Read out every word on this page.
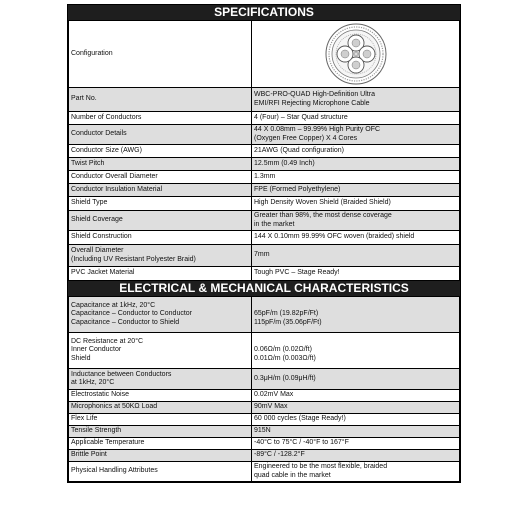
SPECIFICATIONS
Configuration	

Part No.	WBC-PRO-QUAD High-Definition Ultra
EMI/RFI Rejecting Microphone Cable

Number of Conductors	4 (Four) – Star Quad structure

Conductor Details	44 X 0.08mm – 99.99% High Purity OFC
(Oxygen Free Copper) X 4 Cores

Conductor Size (AWG)	21AWG (Quad configuration)

Twist Pitch	12.5mm (0.49 Inch)

Conductor Overall Diameter	1.3mm

Conductor Insulation Material	FPE (Formed Polyethylene)

Shield Type	High Density Woven Shield (Braided Shield)

Shield Coverage	Greater than 98%, the most dense coverage
in the market

Shield Construction	144 X 0.10mm 99.99% OFC woven (braided) shield

Overall Diameter
(Including UV Resistant Polyester Braid)	7mm

PVC Jacket Material	Tough PVC – Stage Ready!
ELECTRICAL & MECHANICAL CHARACTERISTICS
Capacitance at 1kHz, 20°C
Capacitance – Conductor to Conductor
Capacitance – Conductor to Shield	65pF/m (19.82pF/Ft)
115pF/m (35.06pF/Ft)

DC Resistance at 20°C
Inner Conductor
Shield	0.06Ω/m (0.02Ω/ft)
0.01Ω/m (0.003Ω/ft)

Inductance between Conductors
at 1kHz, 20°C	0.3μH/m (0.09μH/ft)

Electrostatic Noise	0.02mV Max

Microphonics at 50KΩ Load	90mV Max

Flex Life	60 000 cycles (Stage Ready!)

Tensile Strength	915N

Applicable Temperature	-40°C to 75°C / -40°F to 167°F

Brittle Point	-89°C / -128.2°F

Physical Handling Attributes	Engineered to be the most flexible, braided
quad cable in the market
